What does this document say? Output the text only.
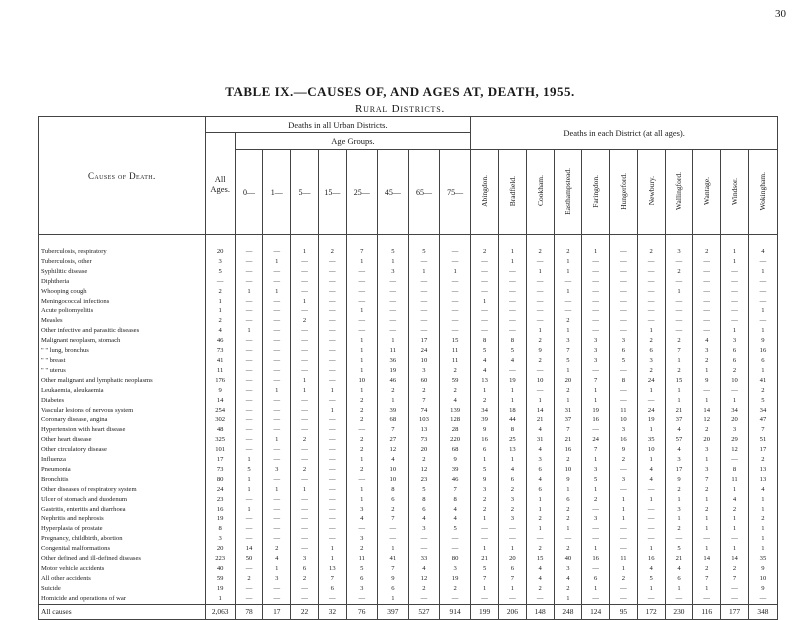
30
TABLE IX.—CAUSES OF, AND AGES AT, DEATH, 1955.
Rural Districts.
Causes of Death.	Deaths in all Urban Districts.									Deaths in each District (at all ages).										
	All Ages.	Age Groups.																		
		0—	1—	5—	15—	25—	45—	65—	75—	Abingdon.	Bradfield.	Cookham.	Easthampstead.	Faringdon.	Hungerford.	Newbury.	Wallingford.	Wantage.	Windsor.	Wokingham.
Tuberculosis, respiratory	20	—	—	1	2	7	5	5	—	2	1	2	2	1	—	2	3	2	1	4
Tuberculosis, other	3	—	1	—	—	1	1	—	—	—	1	—	1	—	—	—	—	—	1	—
Syphilitic disease	5	—	—	—	—	—	3	1	1	—	—	1	1	—	—	—	2	—	—	1
Diphtheria	—	—	—	—	—	—	—	—	—	—	—	—	—	—	—	—	—	—	—	—
Whooping cough	2	1	1	—	—	—	—	—	—	—	—	—	1	—	—	—	1	—	—	—
Meningococcal infections	1	—	—	1	—	—	—	—	—	1	—	—	—	—	—	—	—	—	—	—
Acute poliomyelitis	1	—	—	—	—	1	—	—	—	—	—	—	—	—	—	—	—	—	—	1
Measles	2	—	—	2	—	—	—	—	—	—	—	—	2	—	—	—	—	—	—	—
Other infective and parasitic diseases	4	1	—	—	—	—	—	—	—	—	—	1	1	—	—	1	—	—	1	1
Malignant neoplasm, stomach	46	—	—	—	—	1	1	17	15	8	8	2	3	3	3	2	2	4	3	9
" " lung, bronchus	73	—	—	—	—	1	11	24	11	5	5	9	7	3	6	6	7	3	6	16
" " breast	41	—	—	—	—	1	36	10	11	4	4	2	5	3	5	3	1	2	6	6
" " uterus	11	—	—	—	—	1	19	3	2	4	—	—	1	—	—	2	2	1	2	1
Other malignant and lymphatic neoplasms	176	—	—	1	—	10	46	60	59	13	19	10	20	7	8	24	15	9	10	41
Leukaemia, aleukaemia	9	—	1	1	1	1	2	2	2	1	1	—	2	1	—	1	1	—	—	2
Diabetes	14	—	—	—	—	2	1	7	4	2	1	1	1	1	—	—	1	1	1	5
Vascular lesions of nervous system	254	—	—	—	1	2	39	74	139	34	18	14	31	19	11	24	21	14	34	34
Coronary disease, angina	302	—	—	—	—	2	68	103	128	39	44	21	37	16	10	19	37	12	20	47
Hypertension with heart disease	48	—	—	—	—	—	7	13	28	9	8	4	7	—	3	1	4	2	3	7
Other heart disease	325	—	1	2	—	2	27	73	220	16	25	31	21	24	16	35	57	20	29	51
Other circulatory disease	101	—	—	—	—	2	12	20	68	6	13	4	16	7	9	10	4	3	12	17
Influenza	17	1	—	—	—	1	4	2	9	1	1	3	2	1	2	1	3	1	—	2
Pneumonia	73	5	3	2	—	2	10	12	39	5	4	6	10	3	—	4	17	3	8	13
Bronchitis	80	1	—	—	—	—	10	23	46	9	6	4	9	5	3	4	9	7	11	13
Other diseases of respiratory system	24	1	1	1	—	1	8	5	7	3	2	6	1	1	—	—	2	2	1	4
Ulcer of stomach and duodenum	23	—	—	—	—	1	6	8	8	2	3	1	6	2	1	1	1	1	4	1
Gastritis, enteritis and diarrhoea	16	1	—	—	—	3	2	6	4	2	2	1	2	—	1	—	3	2	2	1
Nephritis and nephrosis	19	—	—	—	—	4	7	4	4	1	3	2	2	3	1	—	1	1	1	2
Hyperplasia of prostate	8	—	—	—	—	—	—	3	5	—	—	1	1	—	—	—	2	1	1	1
Pregnancy, childbirth, abortion	3	—	—	—	—	3	—	—	—	—	—	—	—	—	—	—	—	—	—	1
Congenital malformations	20	14	2	—	1	2	1	—	—	1	1	2	2	1	—	1	5	1	1	1
Other defined and ill-defined diseases	223	50	4	3	1	11	41	33	80	21	20	15	40	16	11	16	21	14	14	35
Motor vehicle accidents	40	—	1	6	13	5	7	4	3	5	6	4	3	—	1	4	4	2	2	9
All other accidents	59	2	3	2	7	6	9	12	19	7	7	4	4	6	2	5	6	7	7	10
Suicide	19	—	—	—	6	3	6	2	2	1	1	2	2	1	—	1	1	1	—	9
Homicide and operations of war	1	—	—	—	—	—	1	—	—	—	—	—	1	—	—	—	—	—	—	—
All causes	2,063	78	17	22	32	76	397	527	914	199	206	148	248	124	95	172	230	116	177	348
